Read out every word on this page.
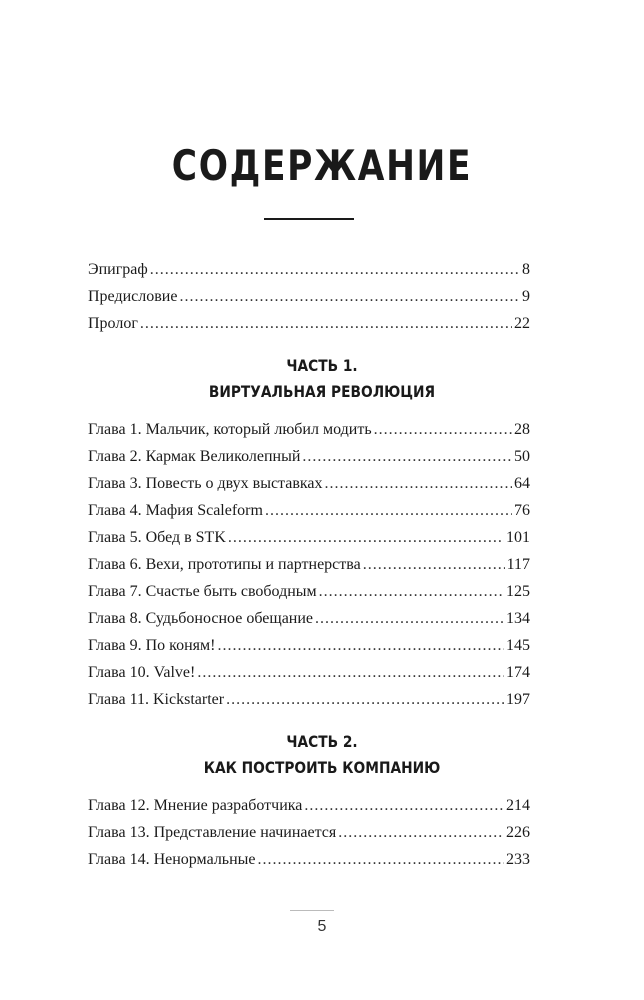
СОДЕРЖАНИЕ
Эпиграф .....	8
Предисловие .....	9
Пролог .....	22
ЧАСТЬ 1.
ВИРТУАЛЬНАЯ РЕВОЛЮЦИЯ
Глава 1. Мальчик, который любил модить .....	28
Глава 2. Кармак Великолепный .....	50
Глава 3. Повесть о двух выставках .....	64
Глава 4. Мафия Scaleform .....	76
Глава 5. Обед в STK .....	101
Глава 6. Вехи, прототипы и партнерства .....	117
Глава 7. Счастье быть свободным .....	125
Глава 8. Судьбоносное обещание .....	134
Глава 9. По коням! .....	145
Глава 10. Valve! .....	174
Глава 11. Kickstarter .....	197
ЧАСТЬ 2.
КАК ПОСТРОИТЬ КОМПАНИЮ
Глава 12. Мнение разработчика .....	214
Глава 13. Представление начинается .....	226
Глава 14. Ненормальные .....	233
5
